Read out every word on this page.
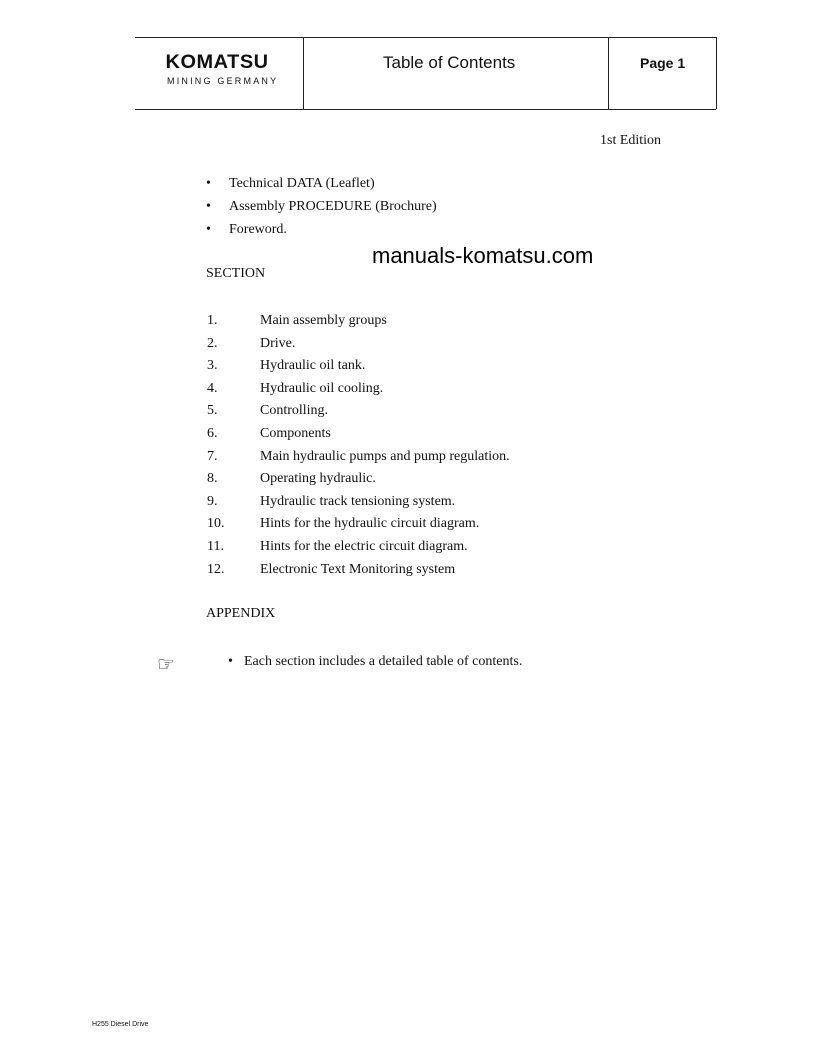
KOMATSU
MINING GERMANY
Table of Contents	Page 1
1st Edition
• Technical DATA (Leaflet)
• Assembly PROCEDURE (Brochure)
• Foreword.
manuals-komatsu.com
SECTION
1.	Main assembly groups
2.	Drive.
3.	Hydraulic oil tank.
4.	Hydraulic oil cooling.
5.	Controlling.
6.	Components
7.	Main hydraulic pumps and pump regulation.
8.	Operating hydraulic.
9.	Hydraulic track tensioning system.
10.	Hints for the hydraulic circuit diagram.
11.	Hints for the electric circuit diagram.
12.	Electronic Text Monitoring system
APPENDIX
☞	• Each section includes a detailed table of contents.
H255 Diesel Drive
